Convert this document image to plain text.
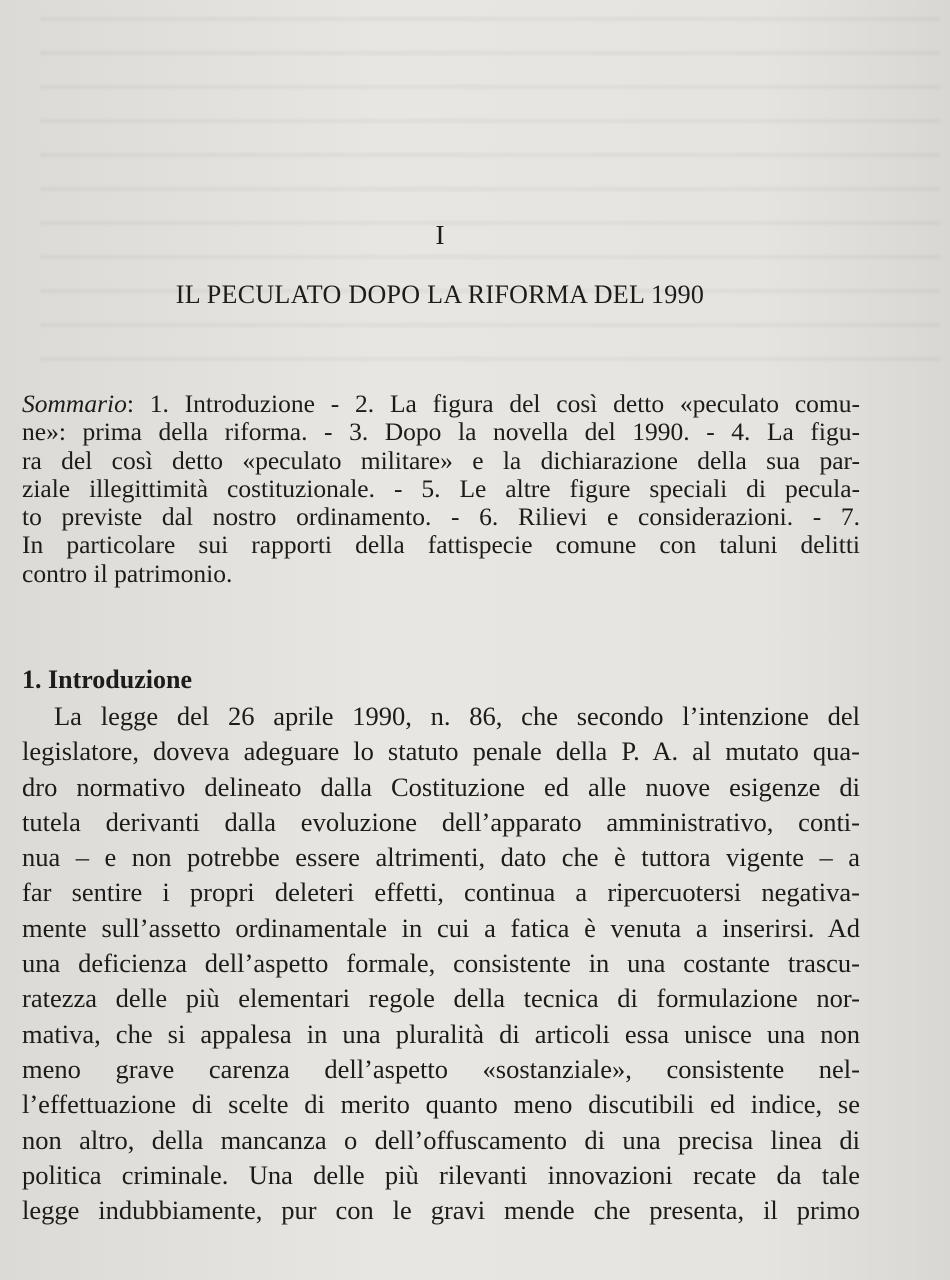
I
IL PECULATO DOPO LA RIFORMA DEL 1990
Sommario: 1. Introduzione - 2. La figura del così detto «peculato comu-
ne»: prima della riforma. - 3. Dopo la novella del 1990. - 4. La figu-
ra del così detto «peculato militare» e la dichiarazione della sua par-
ziale illegittimità costituzionale. - 5. Le altre figure speciali di pecula-
to previste dal nostro ordinamento. - 6. Rilievi e considerazioni. - 7.
In particolare sui rapporti della fattispecie comune con taluni delitti
contro il patrimonio.
1. Introduzione
La legge del 26 aprile 1990, n. 86, che secondo l’intenzione del
legislatore, doveva adeguare lo statuto penale della P. A. al mutato qua-
dro normativo delineato dalla Costituzione ed alle nuove esigenze di
tutela derivanti dalla evoluzione dell’apparato amministrativo, conti-
nua – e non potrebbe essere altrimenti, dato che è tuttora vigente – a
far sentire i propri deleteri effetti, continua a ripercuotersi negativa-
mente sull’assetto ordinamentale in cui a fatica è venuta a inserirsi. Ad
una deficienza dell’aspetto formale, consistente in una costante trascu-
ratezza delle più elementari regole della tecnica di formulazione nor-
mativa, che si appalesa in una pluralità di articoli essa unisce una non
meno grave carenza dell’aspetto «sostanziale», consistente nel-
l’effettuazione di scelte di merito quanto meno discutibili ed indice, se
non altro, della mancanza o dell’offuscamento di una precisa linea di
politica criminale. Una delle più rilevanti innovazioni recate da tale
legge indubbiamente, pur con le gravi mende che presenta, il primo
